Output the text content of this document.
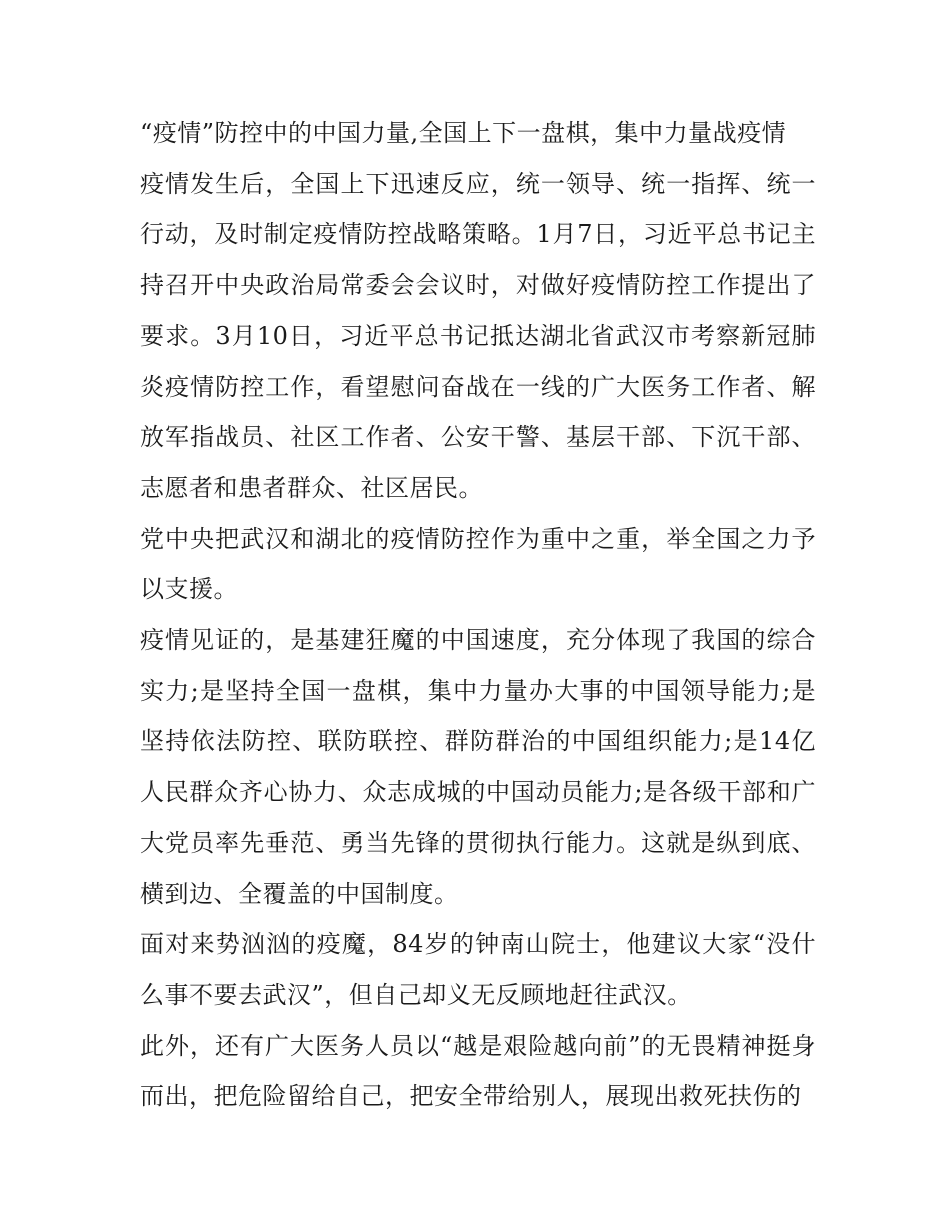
“疫情”防控中的中国力量,全国上下一盘棋，集中力量战疫情

疫情发生后，全国上下迅速反应，统一领导、统一指挥、统一行动，及时制定疫情防控战略策略。1月7日，习近平总书记主持召开中央政治局常委会会议时，对做好疫情防控工作提出了要求。3月10日，习近平总书记抵达湖北省武汉市考察新冠肺炎疫情防控工作，看望慰问奋战在一线的广大医务工作者、解放军指战员、社区工作者、公安干警、基层干部、下沉干部、志愿者和患者群众、社区居民。

党中央把武汉和湖北的疫情防控作为重中之重，举全国之力予以支援。

疫情见证的，是基建狂魔的中国速度，充分体现了我国的综合实力;是坚持全国一盘棋，集中力量办大事的中国领导能力;是坚持依法防控、联防联控、群防群治的中国组织能力;是14亿人民群众齐心协力、众志成城的中国动员能力;是各级干部和广大党员率先垂范、勇当先锋的贯彻执行能力。这就是纵到底、横到边、全覆盖的中国制度。

面对来势汹汹的疫魔，84岁的钟南山院士，他建议大家“没什么事不要去武汉”，但自己却义无反顾地赶往武汉。

此外，还有广大医务人员以“越是艰险越向前”的无畏精神挺身而出，把危险留给自己，把安全带给别人，展现出救死扶伤的
